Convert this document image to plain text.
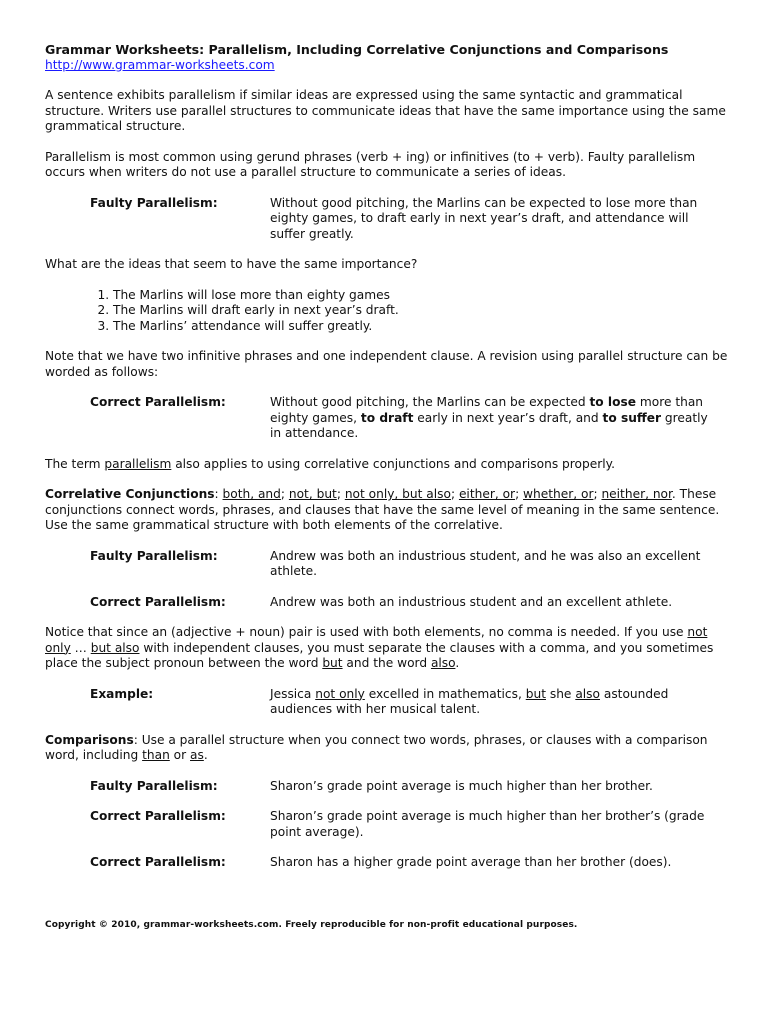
Grammar Worksheets: Parallelism, Including Correlative Conjunctions and Comparisons

http://www.grammar-worksheets.com

A sentence exhibits parallelism if similar ideas are expressed using the same syntactic and grammatical structure. Writers use parallel structures to communicate ideas that have the same importance using the same grammatical structure.

Parallelism is most common using gerund phrases (verb + ing) or infinitives (to + verb). Faulty parallelism occurs when writers do not use a parallel structure to communicate a series of ideas.

Faulty Parallelism:	Without good pitching, the Marlins can be expected to lose more than eighty games, to draft early in next year’s draft, and attendance will suffer greatly.

What are the ideas that seem to have the same importance?

1. The Marlins will lose more than eighty games
2. The Marlins will draft early in next year’s draft.
3. The Marlins’ attendance will suffer greatly.

Note that we have two infinitive phrases and one independent clause. A revision using parallel structure can be worded as follows:

Correct Parallelism:	Without good pitching, the Marlins can be expected to lose more than eighty games, to draft early in next year’s draft, and to suffer greatly in attendance.

The term parallelism also applies to using correlative conjunctions and comparisons properly.

Correlative Conjunctions: both, and; not, but; not only, but also; either, or; whether, or; neither, nor. These conjunctions connect words, phrases, and clauses that have the same level of meaning in the same sentence. Use the same grammatical structure with both elements of the correlative.

Faulty Parallelism:	Andrew was both an industrious student, and he was also an excellent athlete.
Correct Parallelism:	Andrew was both an industrious student and an excellent athlete.

Notice that since an (adjective + noun) pair is used with both elements, no comma is needed. If you use not only … but also with independent clauses, you must separate the clauses with a comma, and you sometimes place the subject pronoun between the word but and the word also.

Example:	Jessica not only excelled in mathematics, but she also astounded audiences with her musical talent.

Comparisons: Use a parallel structure when you connect two words, phrases, or clauses with a comparison word, including than or as.

Faulty Parallelism:	Sharon’s grade point average is much higher than her brother.
Correct Parallelism:	Sharon’s grade point average is much higher than her brother’s (grade point average).
Correct Parallelism:	Sharon has a higher grade point average than her brother (does).
Copyright © 2010, grammar-worksheets.com. Freely reproducible for non-profit educational purposes.
